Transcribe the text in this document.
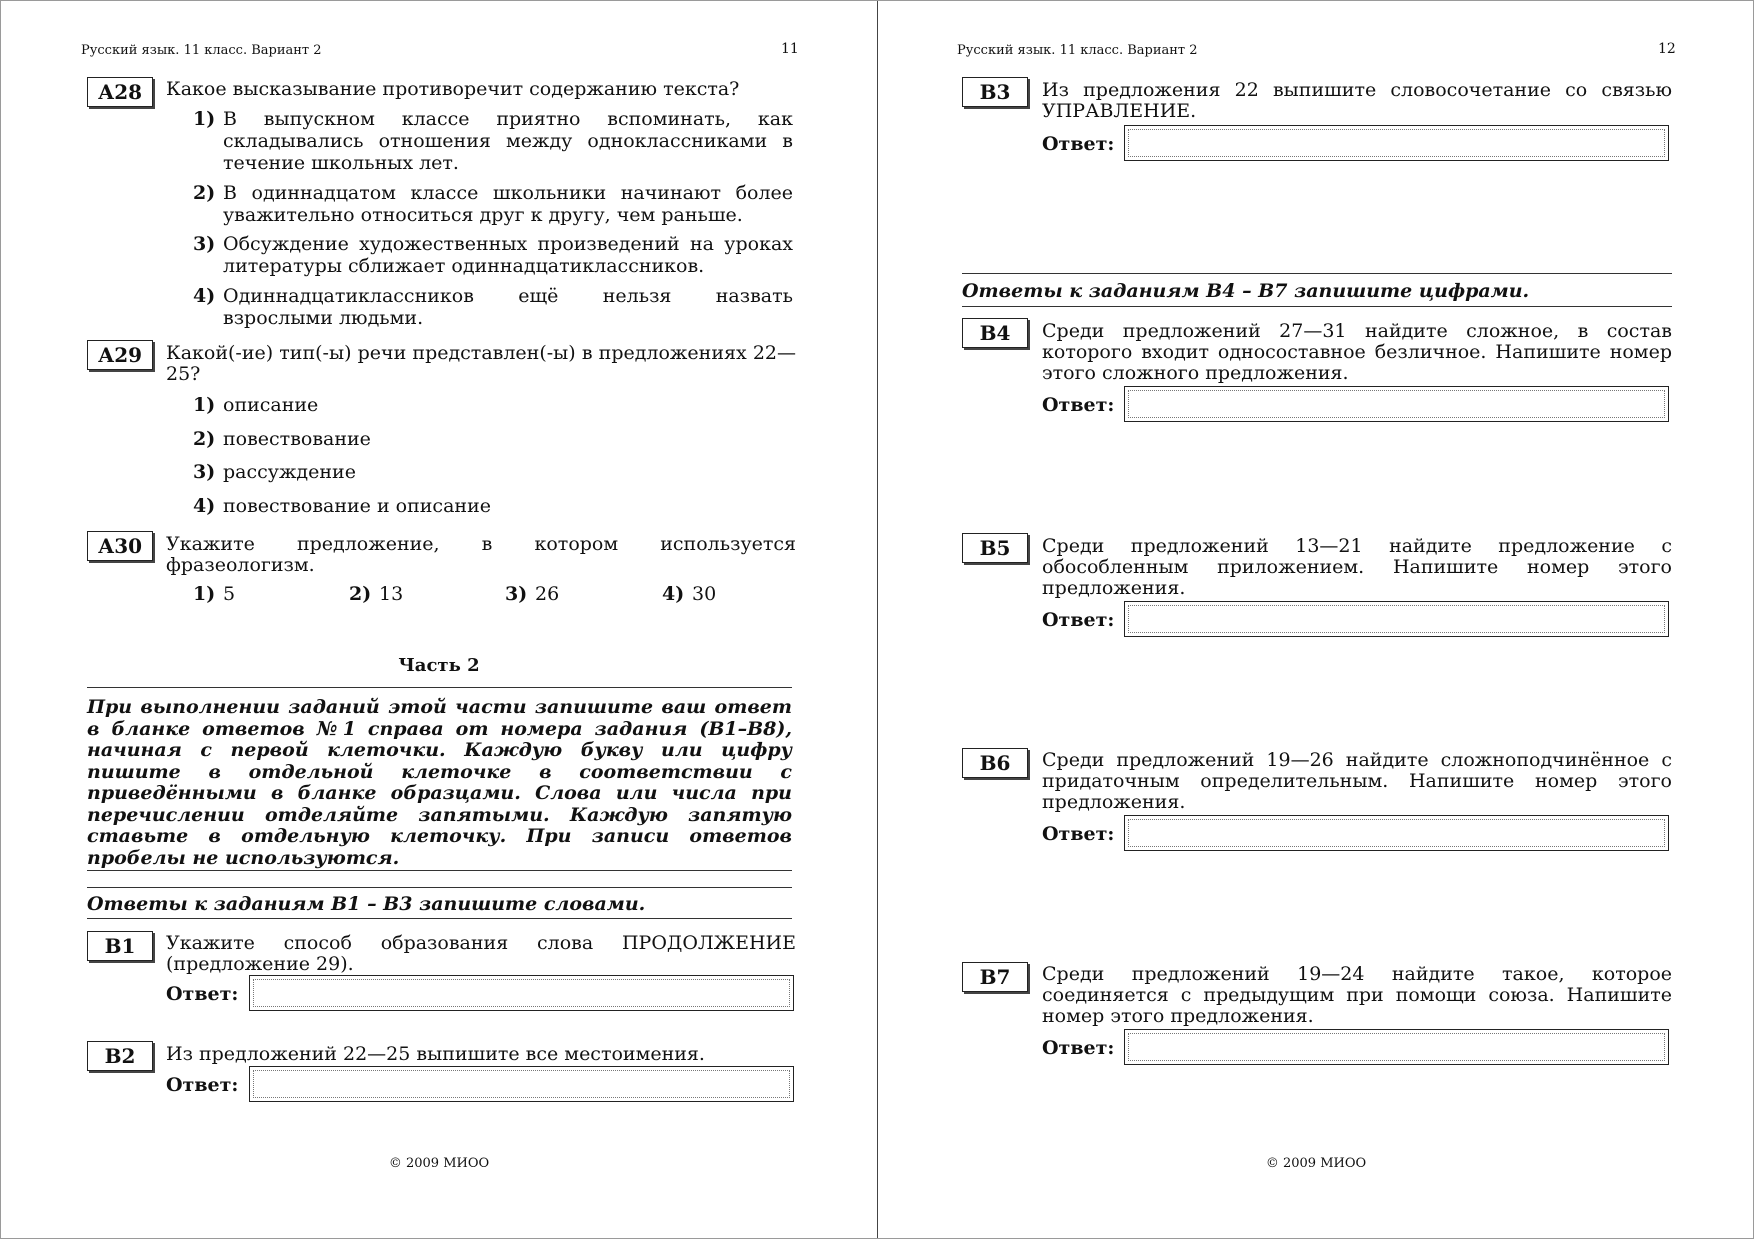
Русский язык. 11 класс. Вариант 2	11
А28	Какое высказывание противоречит содержанию текста?
1) В выпускном классе приятно вспоминать, как складывались отношения между одноклассниками в течение школьных лет.
2) В одиннадцатом классе школьники начинают более уважительно относиться друг к другу, чем раньше.
3) Обсуждение художественных произведений на уроках литературы сближает одиннадцатиклассников.
4) Одиннадцатиклассников ещё нельзя назвать взрослыми людьми.
А29	Какой(-ие) тип(-ы) речи представлен(-ы) в предложениях 22—25?
1) описание
2) повествование
3) рассуждение
4) повествование и описание
А30	Укажите предложение, в котором используется фразеологизм.
1) 5	2) 13	3) 26	4) 30
Часть 2
При выполнении заданий этой части запишите ваш ответ в бланке ответов №1 справа от номера задания (В1–В8), начиная с первой клеточки. Каждую букву или цифру пишите в отдельной клеточке в соответствии с приведёнными в бланке образцами. Слова или числа при перечислении отделяйте запятыми. Каждую запятую ставьте в отдельную клеточку. При записи ответов пробелы не используются.
Ответы к заданиям В1 – В3 запишите словами.
В1	Укажите способ образования слова ПРОДОЛЖЕНИЕ (предложение 29).
Ответ:
В2	Из предложений 22—25 выпишите все местоимения.
Ответ:
© 2009 МИОО
Русский язык. 11 класс. Вариант 2	12
В3	Из предложения 22 выпишите словосочетание со связью УПРАВЛЕНИЕ.
Ответ:
Ответы к заданиям В4 – В7 запишите цифрами.
В4	Среди предложений 27—31 найдите сложное, в состав которого входит односоставное безличное. Напишите номер этого сложного предложения.
Ответ:
В5	Среди предложений 13—21 найдите предложение с обособленным приложением. Напишите номер этого предложения.
Ответ:
В6	Среди предложений 19—26 найдите сложноподчинённое с придаточным определительным. Напишите номер этого предложения.
Ответ:
В7	Среди предложений 19—24 найдите такое, которое соединяется с предыдущим при помощи союза. Напишите номер этого предложения.
Ответ:
© 2009 МИОО
